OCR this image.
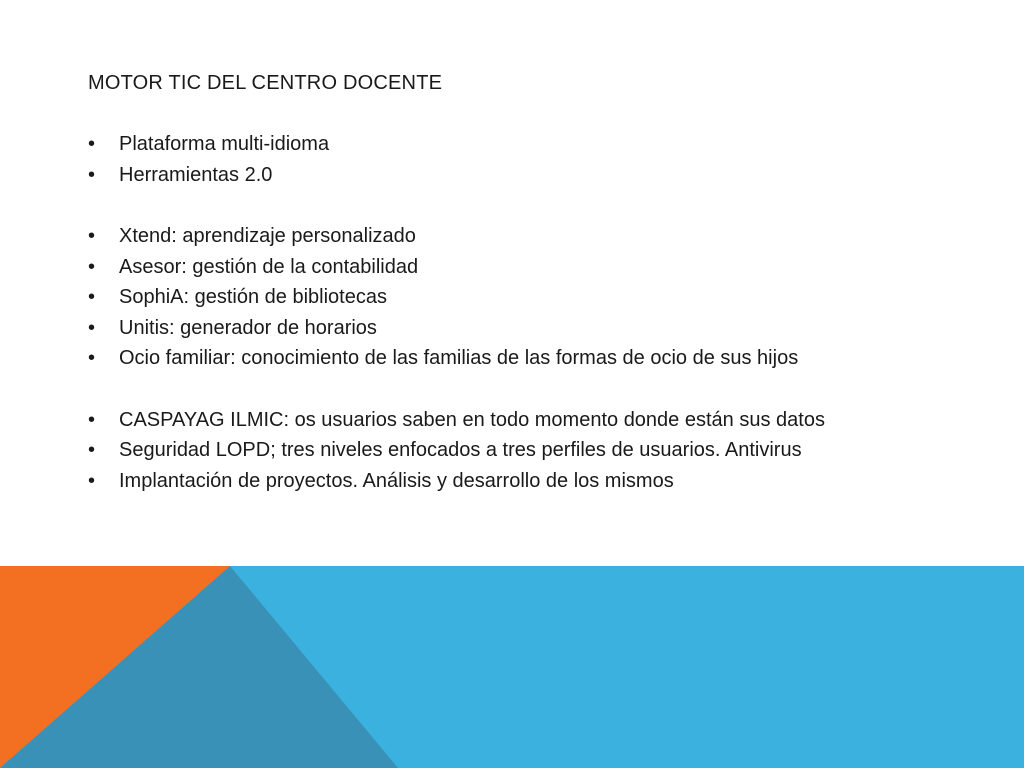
MOTOR TIC DEL CENTRO DOCENTE

• Plataforma multi-idioma
• Herramientas 2.0
• Xtend: aprendizaje personalizado
• Asesor: gestión de la contabilidad
• SophiA: gestión de bibliotecas
• Unitis: generador de horarios
• Ocio familiar: conocimiento de las familias de las formas de ocio de sus hijos
• CASPAYAG ILMIC: os usuarios saben en todo momento donde están sus datos
• Seguridad LOPD; tres niveles enfocados a tres perfiles de usuarios. Antivirus
• Implantación de proyectos. Análisis y desarrollo de los mismos
